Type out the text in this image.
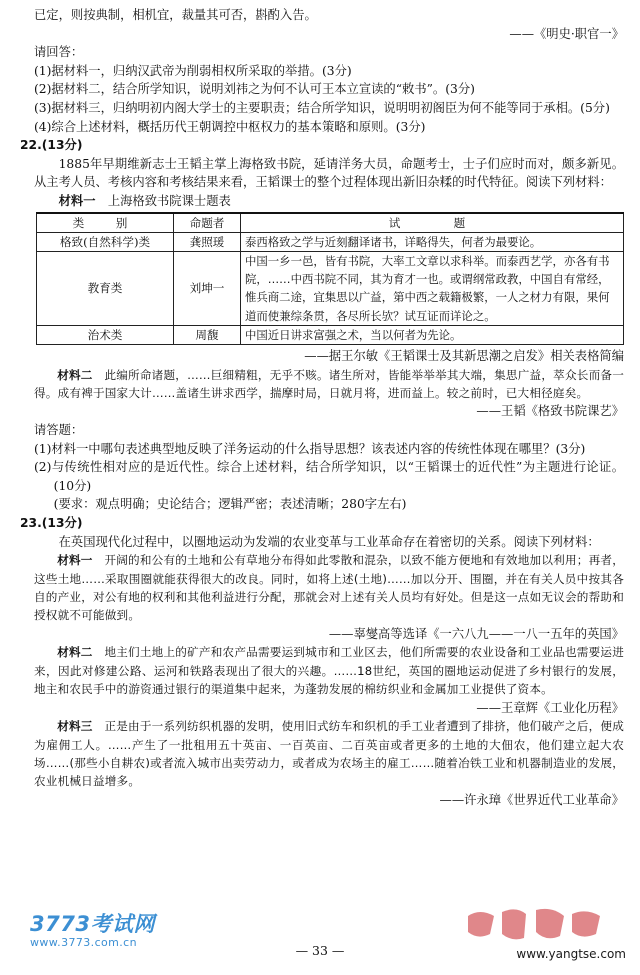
已定，则按典制，相机宜，裁量其可否，斟酌入告。

——《明史·职官一》

请回答：

(1)据材料一，归纳汉武帝为削弱相权所采取的举措。(3分)

(2)据材料二，结合所学知识，说明刘祎之为何不认可王本立宣读的“敕书”。(3分)

(3)据材料三，归纳明初内阁大学士的主要职责；结合所学知识，说明明初阁臣为何不能等同于承相。(5分)

(4)综合上述材料，概括历代王朝调控中枢权力的基本策略和原则。(3分)

22.(13分)

1885年早期维新志士王韬主掌上海格致书院，延请洋务大员，命题考士，士子们应时而对，颇多新见。从主考人员、考核内容和考核结果来看，王韬课士的整个过程体现出新旧杂糅的时代特征。阅读下列材料：

材料一　 上海格致书院课士题表

类　别	命题者	试　　题
格致(自然科学)类	龚照瑗	泰西格致之学与近刻翻译诸书，详略得失，何者为最要论。
教育类	刘坤一	中国一乡一邑，皆有书院，大率工文章以求科举。而泰西艺学，亦各有书院，……中西书院不同，其为育才一也。或谓纲常政教，中国自有常经，惟兵商二途，宜集思以广益，第中西之载籍极繁，一人之材力有限，果何道而使兼综条贯，各尽所长欤？试互证而详论之。
治术类	周馥	中国近日讲求富强之术，当以何者为先论。

——据王尔敏《王韬课士及其新思潮之启发》相关表格简编

材料二　 此编所命诸题，……巨细精粗，无乎不赅。诸生所对，皆能举举举其大端，集思广益，萃众长而备一得。成有裨于国家大计……盖诸生讲求西学，揣摩时局，日就月将，进而益上。较之前时，已大相径庭矣。

——王韬《格致书院课艺》

请答题：

(1)材料一中哪句表述典型地反映了洋务运动的什么指导思想？该表述内容的传统性体现在哪里？(3分)

(2)与传统性相对应的是近代性。综合上述材料，结合所学知识，以“王韬课士的近代性”为主题进行论证。(10分)

(要求：观点明确；史论结合；逻辑严密；表述清晰；280字左右)

23.(13分)

在英国现代化过程中，以圈地运动为发端的农业变革与工业革命存在着密切的关系。阅读下列材料：

材料一　 开阔的和公有的土地和公有草地分布得如此零散和混杂，以致不能方便地和有效地加以利用；再者，这些土地……采取围圈就能获得很大的改良。同时，如将上述(土地)……加以分开、围圈，并在有关人员中按其各自的产业，对公有地的权利和其他利益进行分配，那就会对上述有关人员均有好处。但是这一点如无议会的帮助和授权就不可能做到。

——辜燮高等选译《一六八九——一八一五年的英国》

材料二　 地主们土地上的矿产和农产品需要运到城市和工业区去，他们所需要的农业设备和工业品也需要运进来，因此对修建公路、运河和铁路表现出了很大的兴趣。……18世纪，英国的圈地运动促进了乡村银行的发展，地主和农民手中的游资通过银行的渠道集中起来，为蓬勃发展的棉纺织业和金属加工业提供了资本。

——王章辉《工业化历程》

材料三　 正是由于一系列纺织机器的发明，使用旧式纺车和织机的手工业者遭到了排挤，他们破产之后，便成为雇佣工人。……产生了一批租用五十英亩、一百英亩、二百英亩或者更多的土地的大佃农，他们建立起大农场……(那些小自耕农)或者流入城市出卖劳动力，或者成为农场主的雇工……随着冶铁工业和机器制造业的发展，农业机械日益增多。

——许永璋《世界近代工业革命》

3773考试网
www.3773.com.cn
www.yangtse.com
— 33 —
